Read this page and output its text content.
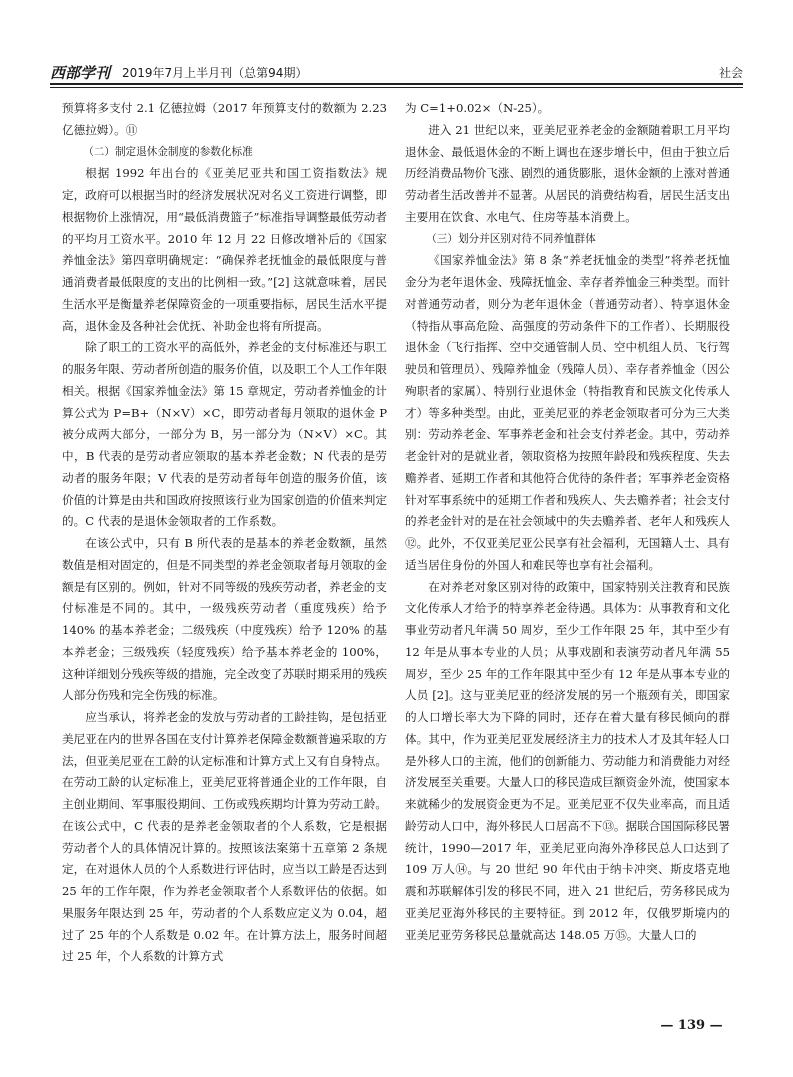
西部学刊 2019年7月上半月刊（总第94期）	社会

预算将多支付 2.1 亿德拉姆（2017 年预算支付的数额为 2.23 亿德拉姆）。⑪

（二）制定退休金制度的参数化标准

根据 1992 年出台的《亚美尼亚共和国工资指数法》规定，政府可以根据当时的经济发展状况对名义工资进行调整，即根据物价上涨情况，用“最低消费篮子”标准指导调整最低劳动者的平均月工资水平。2010 年 12 月 22 日修改增补后的《国家养恤金法》第四章明确规定：“确保养老抚恤金的最低限度与普通消费者最低限度的支出的比例相一致。”[2] 这就意味着，居民生活水平是衡量养老保障资金的一项重要指标，居民生活水平提高，退休金及各种社会优抚、补助金也将有所提高。

除了职工的工资水平的高低外，养老金的支付标准还与职工的服务年限、劳动者所创造的服务价值，以及职工个人工作年限相关。根据《国家养恤金法》第 15 章规定，劳动者养恤金的计算公式为 P=B+（N×V）×C，即劳动者每月领取的退休金 P 被分成两大部分，一部分为 B，另一部分为（N×V）×C。其中，B 代表的是劳动者应领取的基本养老金数；N 代表的是劳动者的服务年限；V 代表的是劳动者每年创造的服务价值，该价值的计算是由共和国政府按照该行业为国家创造的价值来判定的。C 代表的是退休金领取者的工作系数。

在该公式中，只有 B 所代表的是基本的养老金数额，虽然数值是相对固定的，但是不同类型的养老金领取者每月领取的金额是有区别的。例如，针对不同等级的残疾劳动者，养老金的支付标准是不同的。其中，一级残疾劳动者（重度残疾）给予 140% 的基本养老金；二级残疾（中度残疾）给予 120% 的基本养老金；三级残疾（轻度残疾）给予基本养老金的 100%，这种详细划分残疾等级的措施，完全改变了苏联时期采用的残疾人部分伤残和完全伤残的标准。

应当承认，将养老金的发放与劳动者的工龄挂钩，是包括亚美尼亚在内的世界各国在支付计算养老保障金数额普遍采取的方法，但亚美尼亚在工龄的认定标准和计算方式上又有自身特点。在劳动工龄的认定标准上，亚美尼亚将普通企业的工作年限，自主创业期间、军事服役期间、工伤或残疾期均计算为劳动工龄。在该公式中，C 代表的是养老金领取者的个人系数，它是根据劳动者个人的具体情况计算的。按照该法案第十五章第 2 条规定，在对退休人员的个人系数进行评估时，应当以工龄是否达到 25 年的工作年限，作为养老金领取者个人系数评估的依据。如果服务年限达到 25 年，劳动者的个人系数应定义为 0.04，超过了 25 年的个人系数是 0.02 年。在计算方法上，服务时间超过 25 年，个人系数的计算方式

为 C=1+0.02×（N-25）。

进入 21 世纪以来，亚美尼亚养老金的金额随着职工月平均退休金、最低退休金的不断上调也在逐步增长中，但由于独立后历经消费品物价飞涨、剧烈的通货膨胀，退休金额的上涨对普通劳动者生活改善并不显著。从居民的消费结构看，居民生活支出主要用在饮食、水电气、住房等基本消费上。

（三）划分并区别对待不同养恤群体

《国家养恤金法》第 8 条“养老抚恤金的类型”将养老抚恤金分为老年退休金、残障抚恤金、幸存者养恤金三种类型。而针对普通劳动者，则分为老年退休金（普通劳动者）、特享退休金（特指从事高危险、高强度的劳动条件下的工作者）、长期服役退休金（飞行指挥、空中交通管制人员、空中机组人员、飞行驾驶员和管理员）、残障养恤金（残障人员）、幸存者养恤金（因公殉职者的家属）、特别行业退休金（特指教育和民族文化传承人才）等多种类型。由此，亚美尼亚的养老金领取者可分为三大类别：劳动养老金、军事养老金和社会支付养老金。其中，劳动养老金针对的是就业者，领取资格为按照年龄段和残疾程度、失去赡养者、延期工作者和其他符合优待的条件者；军事养老金资格针对军事系统中的延期工作者和残疾人、失去赡养者；社会支付的养老金针对的是在社会领域中的失去赡养者、老年人和残疾人⑫。此外，不仅亚美尼亚公民享有社会福利，无国籍人士、具有适当居住身份的外国人和难民等也享有社会福利。

在对养老对象区别对待的政策中，国家特别关注教育和民族文化传承人才给予的特享养老金待遇。具体为：从事教育和文化事业劳动者凡年满 50 周岁，至少工作年限 25 年，其中至少有 12 年是从事本专业的人员；从事戏剧和表演劳动者凡年满 55 周岁，至少 25 年的工作年限其中至少有 12 年是从事本专业的人员 [2]。这与亚美尼亚的经济发展的另一个瓶颈有关，即国家的人口增长率大为下降的同时，还存在着大量有移民倾向的群体。其中，作为亚美尼亚发展经济主力的技术人才及其年轻人口是外移人口的主流，他们的创新能力、劳动能力和消费能力对经济发展至关重要。大量人口的移民造成巨额资金外流，使国家本来就稀少的发展资金更为不足。亚美尼亚不仅失业率高，而且适龄劳动人口中，海外移民人口居高不下⑬。据联合国国际移民署统计，1990—2017 年，亚美尼亚向海外净移民总人口达到了 109 万人⑭。与 20 世纪 90 年代由于纳卡冲突、斯皮塔克地震和苏联解体引发的移民不同，进入 21 世纪后，劳务移民成为亚美尼亚海外移民的主要特征。到 2012 年，仅俄罗斯境内的亚美尼亚劳务移民总量就高达 148.05 万⑮。大量人口的

— 139 —
